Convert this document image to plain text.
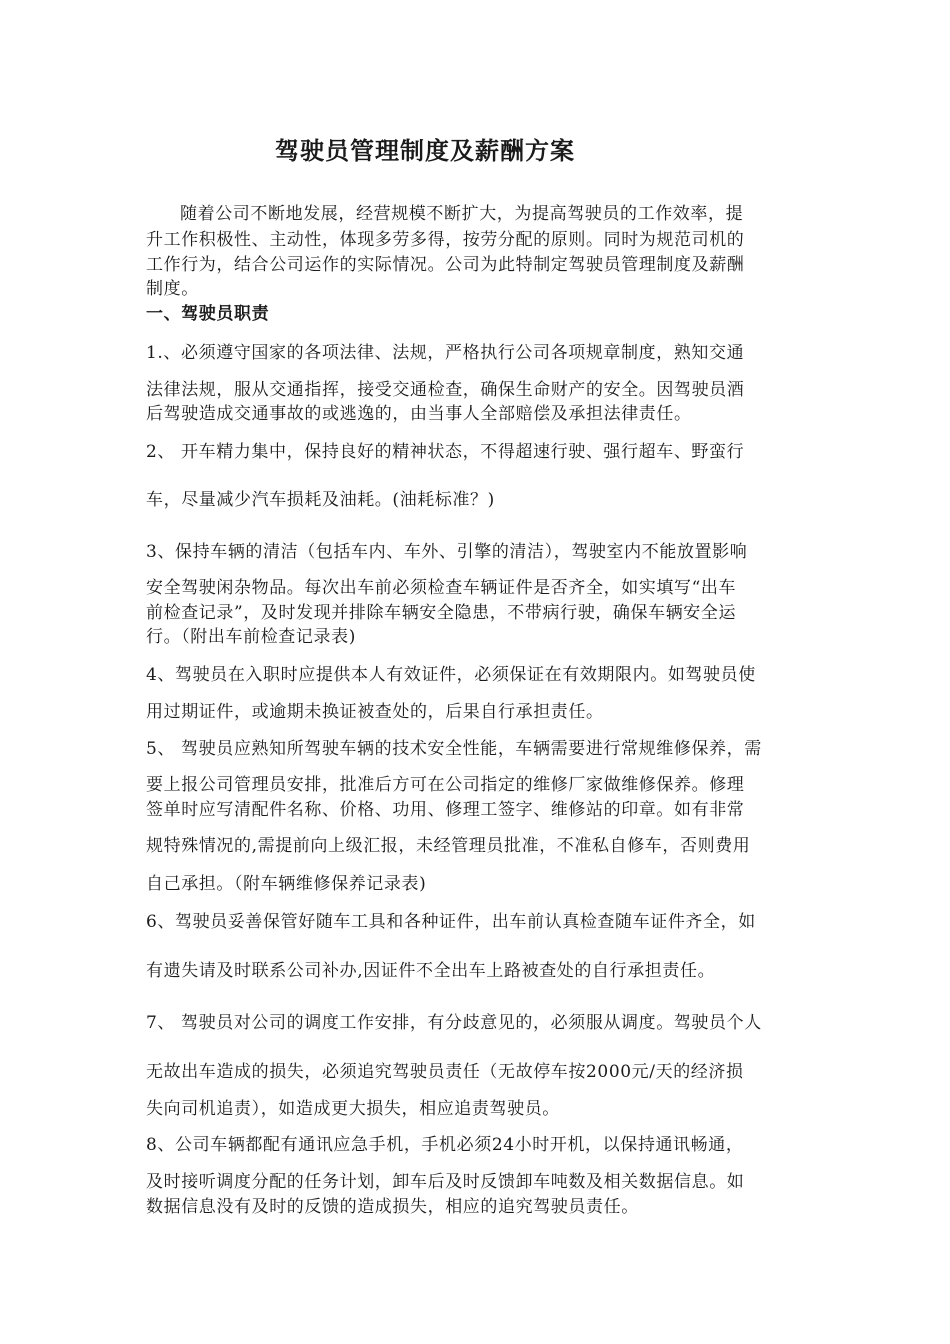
驾驶员管理制度及薪酬方案
随着公司不断地发展，经营规模不断扩大，为提高驾驶员的工作效率，提
升工作积极性、主动性，体现多劳多得，按劳分配的原则。同时为规范司机的
工作行为，结合公司运作的实际情况。公司为此特制定驾驶员管理制度及薪酬
制度。
一、驾驶员职责
1.、必须遵守国家的各项法律、法规，严格执行公司各项规章制度，熟知交通
法律法规，服从交通指挥，接受交通检查，确保生命财产的安全。因驾驶员酒
后驾驶造成交通事故的或逃逸的，由当事人全部赔偿及承担法律责任。
2、 开车精力集中，保持良好的精神状态，不得超速行驶、强行超车、野蛮行
车，尽量减少汽车损耗及油耗。(油耗标准？)
3、保持车辆的清洁（包括车内、车外、引擎的清洁），驾驶室内不能放置影响
安全驾驶闲杂物品。每次出车前必须检查车辆证件是否齐全，如实填写“出车
前检查记录”，及时发现并排除车辆安全隐患，不带病行驶，确保车辆安全运
行。（附出车前检查记录表)
4、驾驶员在入职时应提供本人有效证件，必须保证在有效期限内。如驾驶员使
用过期证件，或逾期未换证被查处的，后果自行承担责任。
5、 驾驶员应熟知所驾驶车辆的技术安全性能，车辆需要进行常规维修保养，需
要上报公司管理员安排，批准后方可在公司指定的维修厂家做维修保养。修理
签单时应写清配件名称、价格、功用、修理工签字、维修站的印章。如有非常
规特殊情况的,需提前向上级汇报，未经管理员批准，不准私自修车，否则费用
自己承担。（附车辆维修保养记录表)
6、驾驶员妥善保管好随车工具和各种证件，出车前认真检查随车证件齐全，如
有遗失请及时联系公司补办,因证件不全出车上路被查处的自行承担责任。
7、 驾驶员对公司的调度工作安排，有分歧意见的，必须服从调度。驾驶员个人
无故出车造成的损失，必须追究驾驶员责任（无故停车按2000元/天的经济损
失向司机追责），如造成更大损失，相应追责驾驶员。
8、公司车辆都配有通讯应急手机，手机必须24小时开机，以保持通讯畅通，
及时接听调度分配的任务计划，卸车后及时反馈卸车吨数及相关数据信息。如
数据信息没有及时的反馈的造成损失，相应的追究驾驶员责任。
